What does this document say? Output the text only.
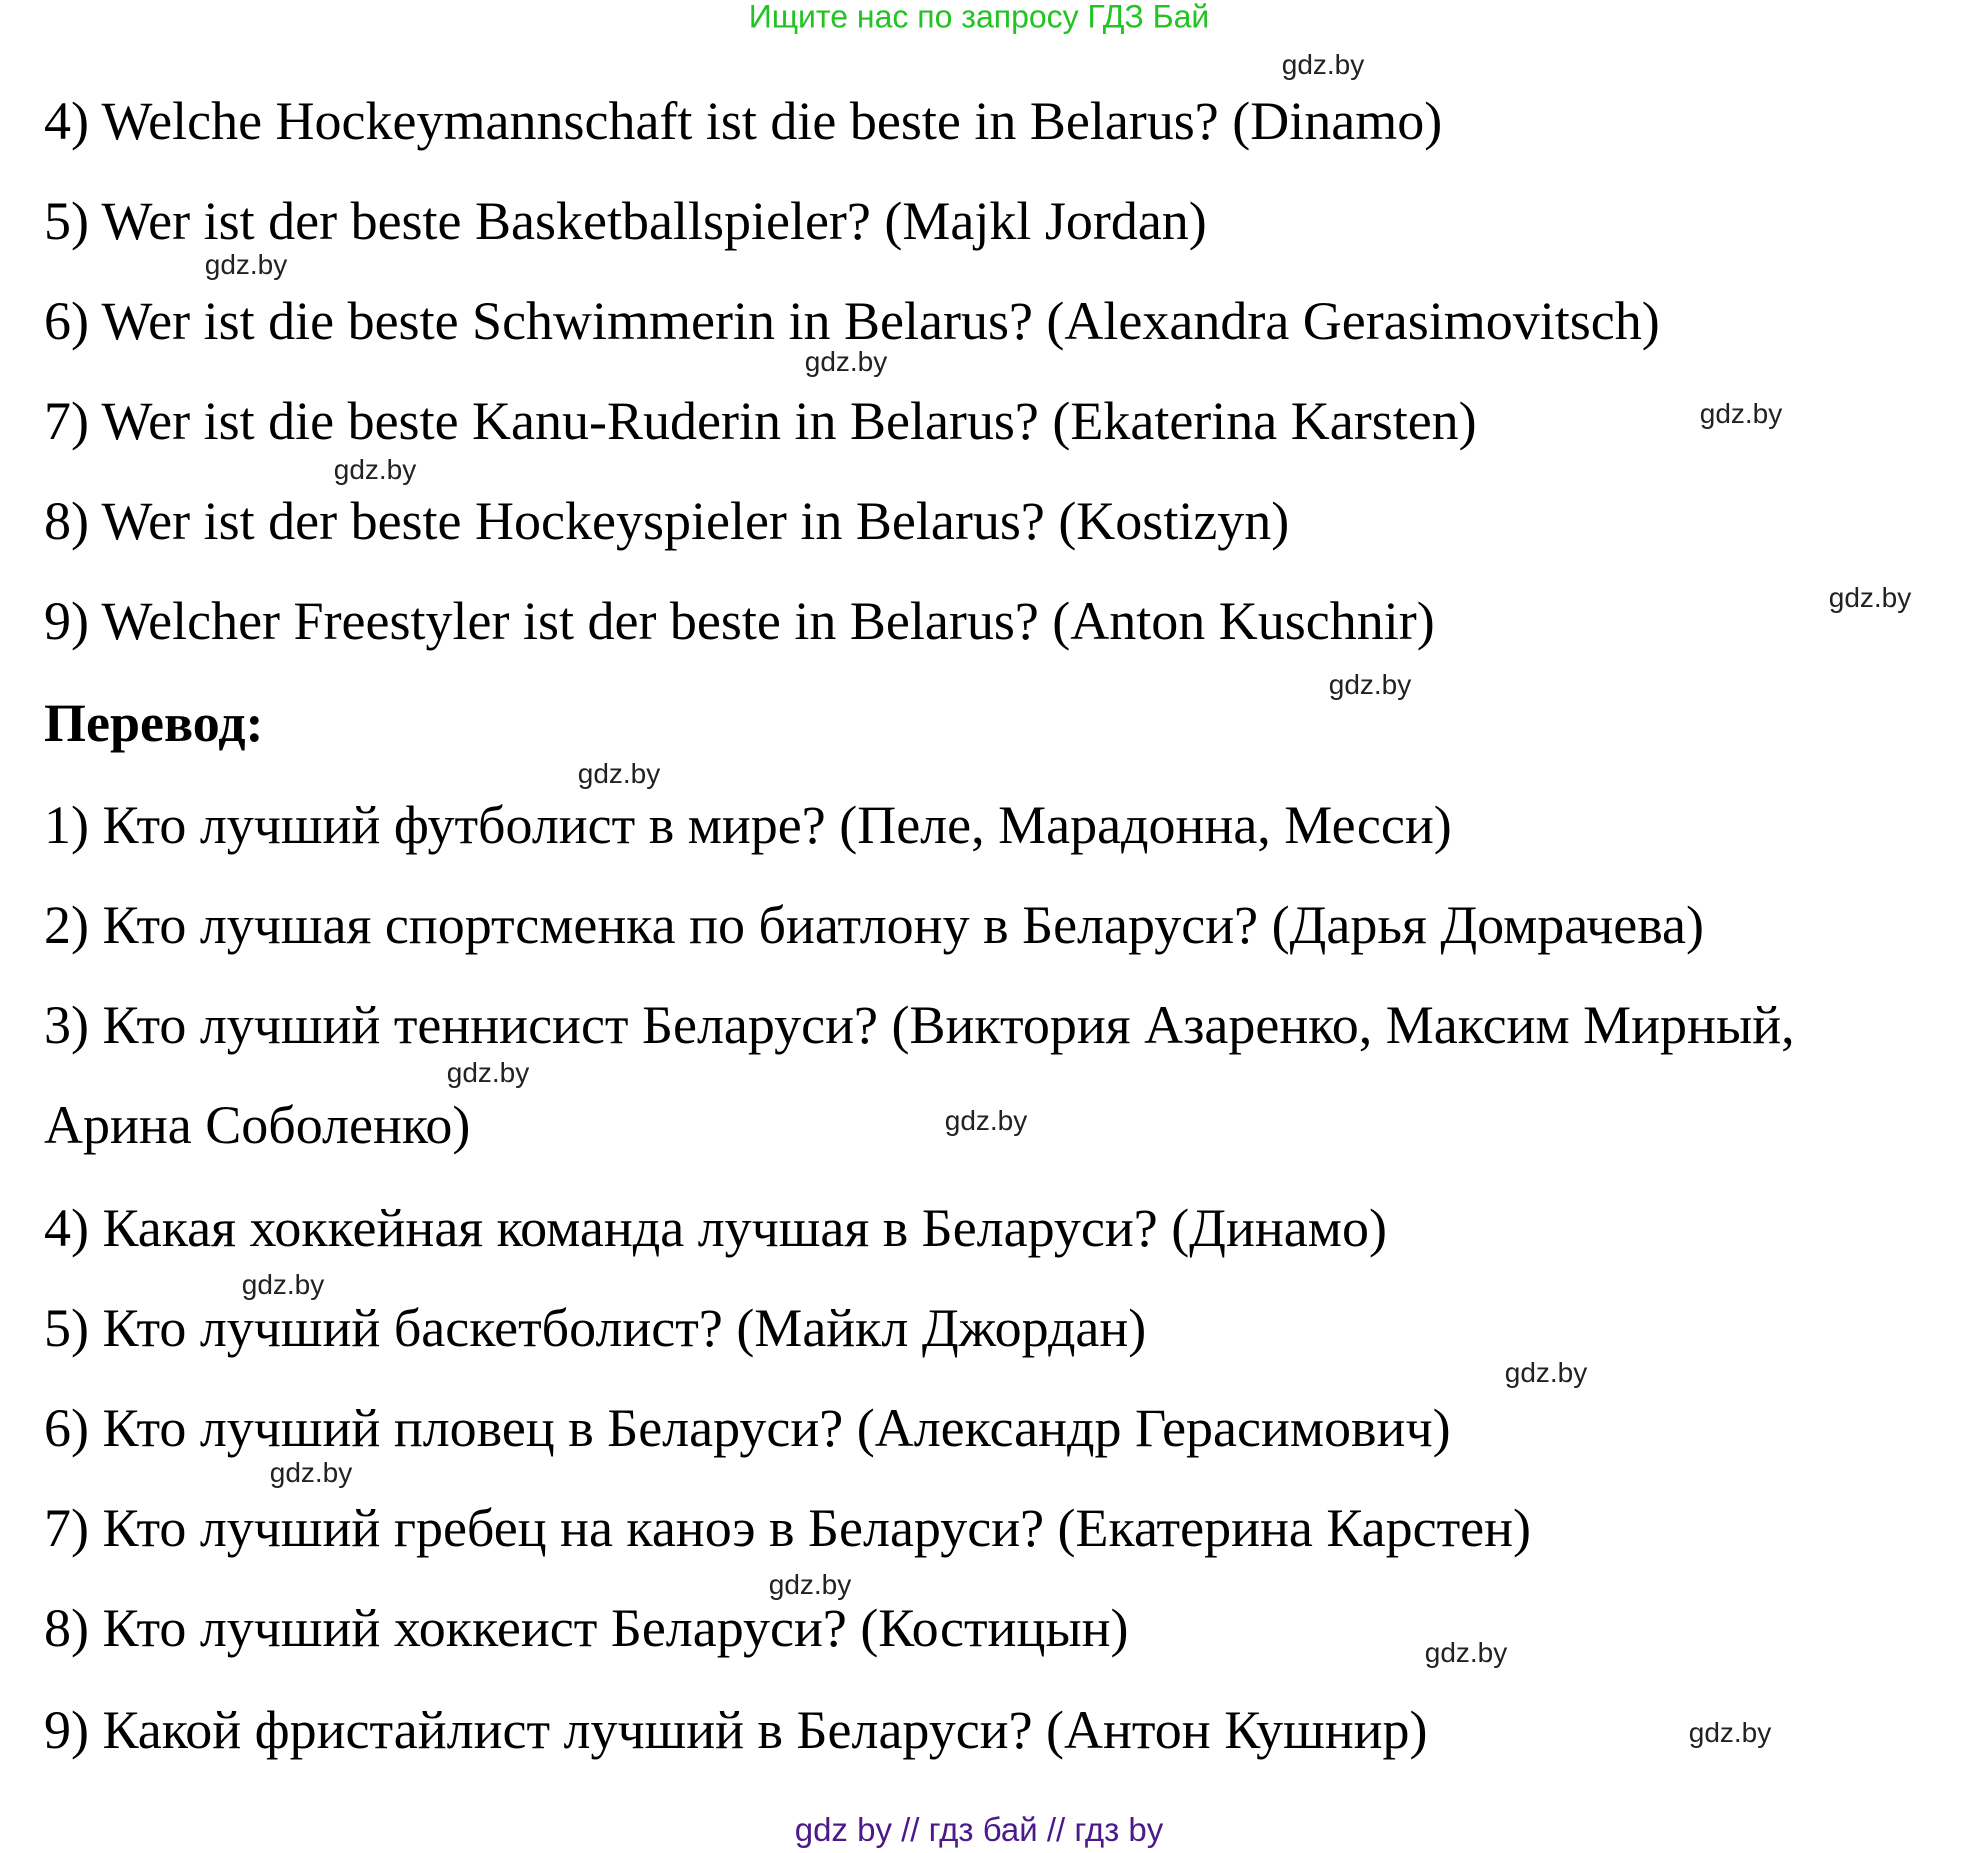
Ищите нас по запросу ГДЗ Бай
4) Welche Hockeymannschaft ist die beste in Belarus? (Dinamo)
5) Wer ist der beste Basketballspieler? (Majkl Jordan)
6) Wer ist die beste Schwimmerin in Belarus? (Alexandra Gerasimovitsch)
7) Wer ist die beste Kanu-Ruderin in Belarus? (Ekaterina Karsten)
8) Wer ist der beste Hockeyspieler in Belarus? (Kostizyn)
9) Welcher Freestyler ist der beste in Belarus? (Anton Kuschnir)
Перевод:
1) Кто лучший футболист в мире? (Пеле, Марадонна, Месси)
2) Кто лучшая спортсменка по биатлону в Беларуси? (Дарья Домрачева)
3) Кто лучший теннисист Беларуси? (Виктория Азаренко, Максим Мирный,
Арина Соболенко)
4) Какая хоккейная команда лучшая в Беларуси? (Динамо)
5) Кто лучший баскетболист? (Майкл Джордан)
6) Кто лучший пловец в Беларуси? (Александр Герасимович)
7) Кто лучший гребец на каноэ в Беларуси? (Екатерина Карстен)
8) Кто лучший хоккеист Беларуси? (Костицын)
9) Какой фристайлист лучший в Беларуси? (Антон Кушнир)
gdz.by
gdz.by
gdz.by
gdz.by
gdz.by
gdz.by
gdz.by
gdz.by
gdz.by
gdz.by
gdz.by
gdz.by
gdz.by
gdz.by
gdz.by
gdz.by
gdz by // гдз бай // гдз by
